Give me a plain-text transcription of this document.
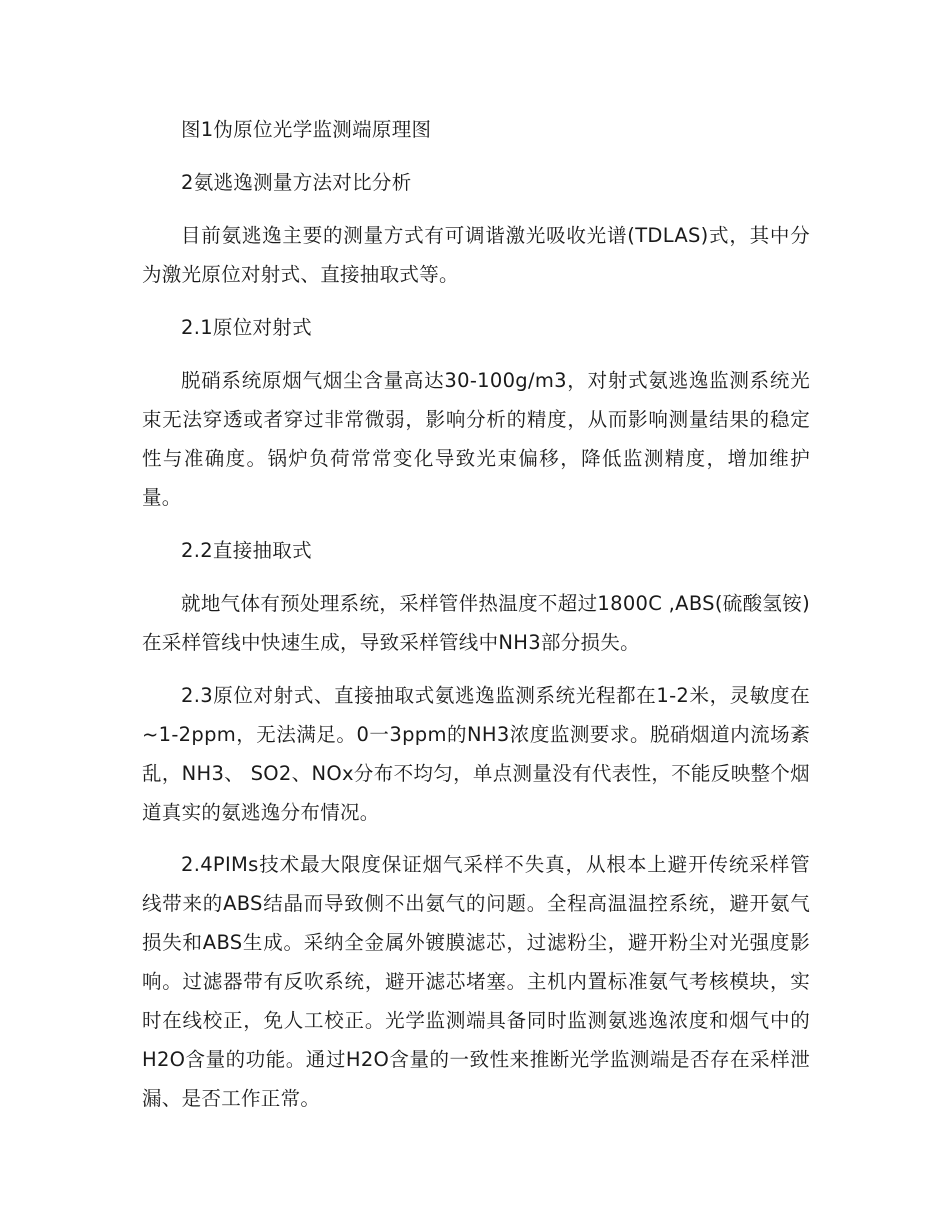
图1伪原位光学监测端原理图

2氨逃逸测量方法对比分析

目前氨逃逸主要的测量方式有可调谐激光吸收光谱(TDLAS)式，其中分为激光原位对射式、直接抽取式等。

2.1原位对射式

脱硝系统原烟气烟尘含量高达30-100g/m3，对射式氨逃逸监测系统光束无法穿透或者穿过非常微弱，影响分析的精度，从而影响测量结果的稳定性与准确度。锅炉负荷常常变化导致光束偏移，降低监测精度，增加维护量。

2.2直接抽取式

就地气体有预处理系统，采样管伴热温度不超过1800C ,ABS(硫酸氢铵)在采样管线中快速生成，导致采样管线中NH3部分损失。

2.3原位对射式、直接抽取式氨逃逸监测系统光程都在1-2米，灵敏度在~1-2ppm，无法满足。0一3ppm的NH3浓度监测要求。脱硝烟道内流场紊乱，NH3、 SO2、NOx分布不均匀，单点测量没有代表性，不能反映整个烟道真实的氨逃逸分布情况。

2.4PIMs技术最大限度保证烟气采样不失真，从根本上避开传统采样管线带来的ABS结晶而导致侧不出氨气的问题。全程高温温控系统，避开氨气损失和ABS生成。采纳全金属外镀膜滤芯，过滤粉尘，避开粉尘对光强度影响。过滤器带有反吹系统，避开滤芯堵塞。主机内置标准氨气考核模块，实时在线校正，免人工校正。光学监测端具备同时监测氨逃逸浓度和烟气中的H2O含量的功能。通过H2O含量的一致性来推断光学监测端是否存在采样泄漏、是否工作正常。
